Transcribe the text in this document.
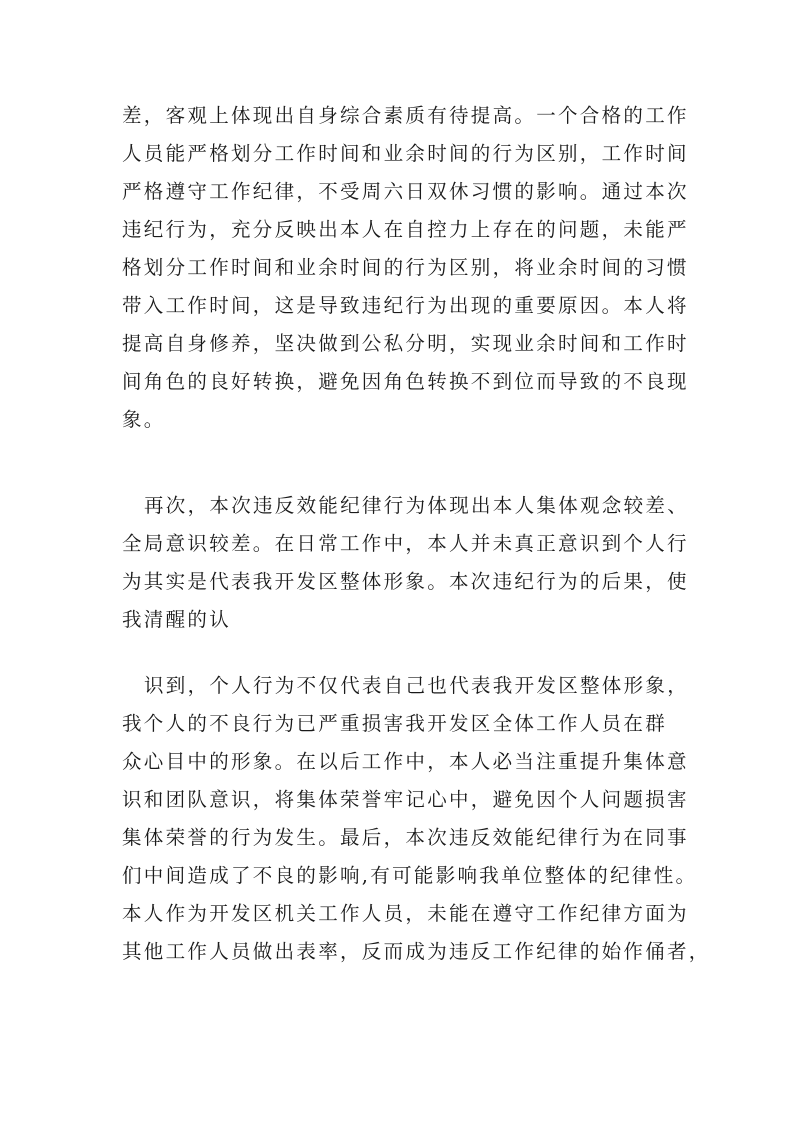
差，客观上体现出自身综合素质有待提高。一个合格的工作
人员能严格划分工作时间和业余时间的行为区别，工作时间
严格遵守工作纪律，不受周六日双休习惯的影响。通过本次
违纪行为，充分反映出本人在自控力上存在的问题，未能严
格划分工作时间和业余时间的行为区别，将业余时间的习惯
带入工作时间，这是导致违纪行为出现的重要原因。本人将
提高自身修养，坚决做到公私分明，实现业余时间和工作时
间角色的良好转换，避免因角色转换不到位而导致的不良现
象。
再次，本次违反效能纪律行为体现出本人集体观念较差、
全局意识较差。在日常工作中，本人并未真正意识到个人行
为其实是代表我开发区整体形象。本次违纪行为的后果，使
我清醒的认
识到，个人行为不仅代表自己也代表我开发区整体形象，
我个人的不良行为已严重损害我开发区全体工作人员在群
众心目中的形象。在以后工作中，本人必当注重提升集体意
识和团队意识，将集体荣誉牢记心中，避免因个人问题损害
集体荣誉的行为发生。最后，本次违反效能纪律行为在同事
们中间造成了不良的影响,有可能影响我单位整体的纪律性。
本人作为开发区机关工作人员，未能在遵守工作纪律方面为
其他工作人员做出表率，反而成为违反工作纪律的始作俑者，
